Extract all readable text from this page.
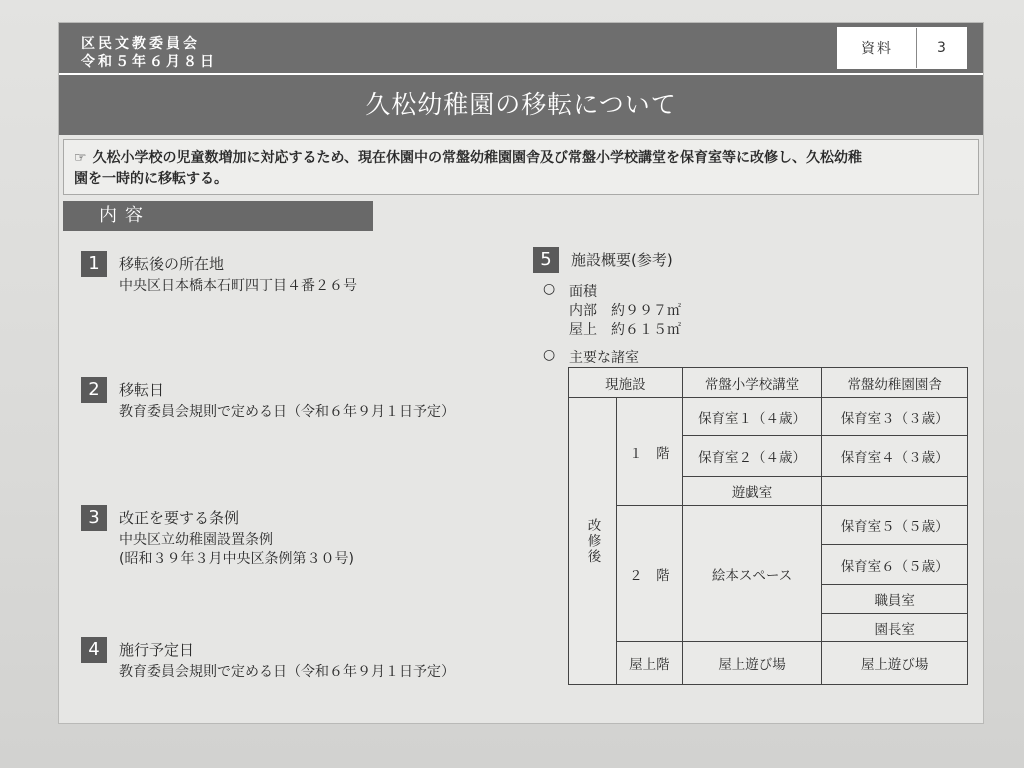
区民文教委員会
令和５年６月８日
資料	3
久松幼稚園の移転について
☞ 久松小学校の児童数増加に対応するため、現在休園中の常盤幼稚園園舎及び常盤小学校講堂を保育室等に改修し、久松幼稚
園を一時的に移転する。
内容
1	移転後の所在地
中央区日本橋本石町四丁目４番２６号
2	移転日
教育委員会規則で定める日（令和６年９月１日予定）
3	改正を要する条例
中央区立幼稚園設置条例
(昭和３９年３月中央区条例第３０号)
4	施行予定日
教育委員会規則で定める日（令和６年９月１日予定）
5	施設概要(参考)
○ 面積
内部　約９９７㎡
屋上　約６１５㎡
○ 主要な諸室
現施設		常盤小学校講堂	常盤幼稚園園舎

改修後	１　階	保育室１（４歳）	保育室３（３歳）
		保育室２（４歳）	保育室４（３歳）
		遊戯室	
	２　階	絵本スペース	保育室５（５歳）
			保育室６（５歳）
			職員室
			園長室
	屋上階	屋上遊び場	屋上遊び場
